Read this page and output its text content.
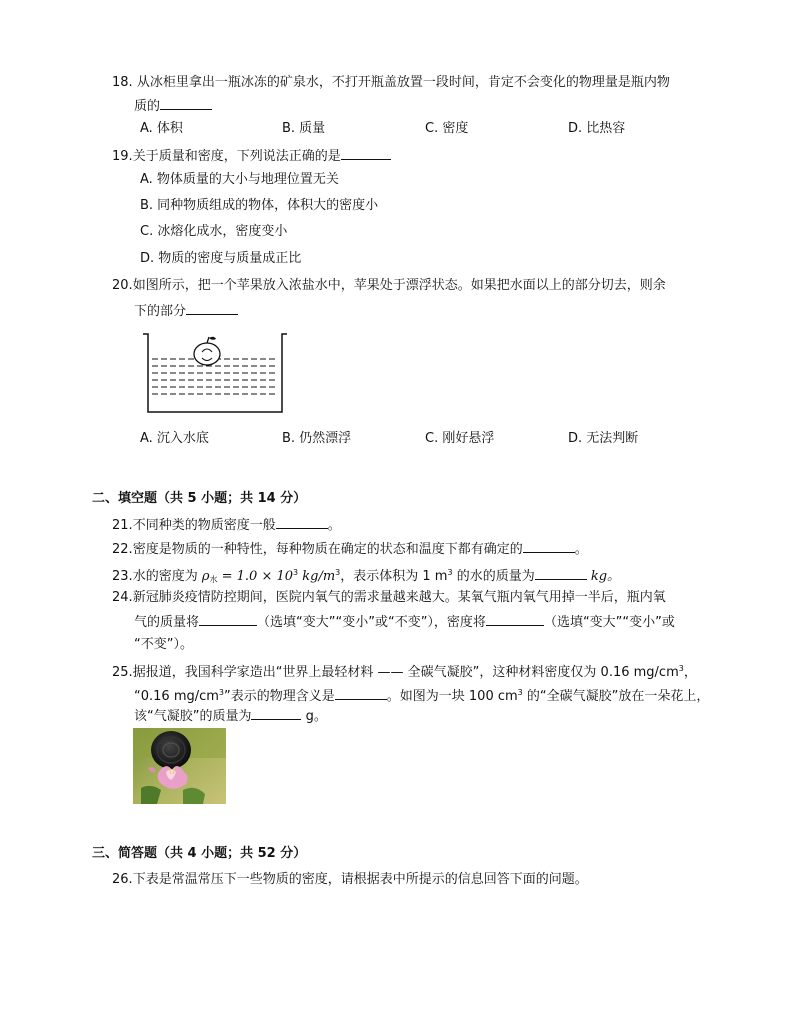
18. 从冰柜里拿出一瓶冰冻的矿泉水，不打开瓶盖放置一段时间，肯定不会变化的物理量是瓶内物
质的
A. 体积	B. 质量	C. 密度	D. 比热容
19.关于质量和密度，下列说法正确的是
A. 物体质量的大小与地理位置无关
B. 同种物质组成的物体，体积大的密度小
C. 冰熔化成水，密度变小
D. 物质的密度与质量成正比
20.如图所示，把一个苹果放入浓盐水中，苹果处于漂浮状态。如果把水面以上的部分切去，则余
下的部分
A. 沉入水底	B. 仍然漂浮	C. 刚好悬浮	D. 无法判断
二、填空题（共 5 小题；共 14 分）
21.不同种类的物质密度一般	。
22.密度是物质的一种特性，每种物质在确定的状态和温度下都有确定的	。
23.水的密度为 $\rho_水 = 1.0 \times 10^3$ $kg/m^3$，表示体积为 1 $m^3$ 的水的质量为	kg。
24.新冠肺炎疫情防控期间，医院内氧气的需求量越来越大。某氧气瓶内氧气用掉一半后，瓶内氧
气的质量将	（选填“变大”“变小”或“不变”），密度将	（选填“变大”“变小”或
“不变”）。
25.据报道，我国科学家造出“世界上最轻材料 —— 全碳气凝胶”，这种材料密度仅为 0.16 $mg/cm^3$，
“0.16 $mg/cm^3$”表示的物理含义是	。如图为一块 100 $cm^3$ 的“全碳气凝胶”放在一朵花上，
该“气凝胶”的质量为	g。
三、简答题（共 4 小题；共 52 分）
26.下表是常温常压下一些物质的密度，请根据表中所提示的信息回答下面的问题。
